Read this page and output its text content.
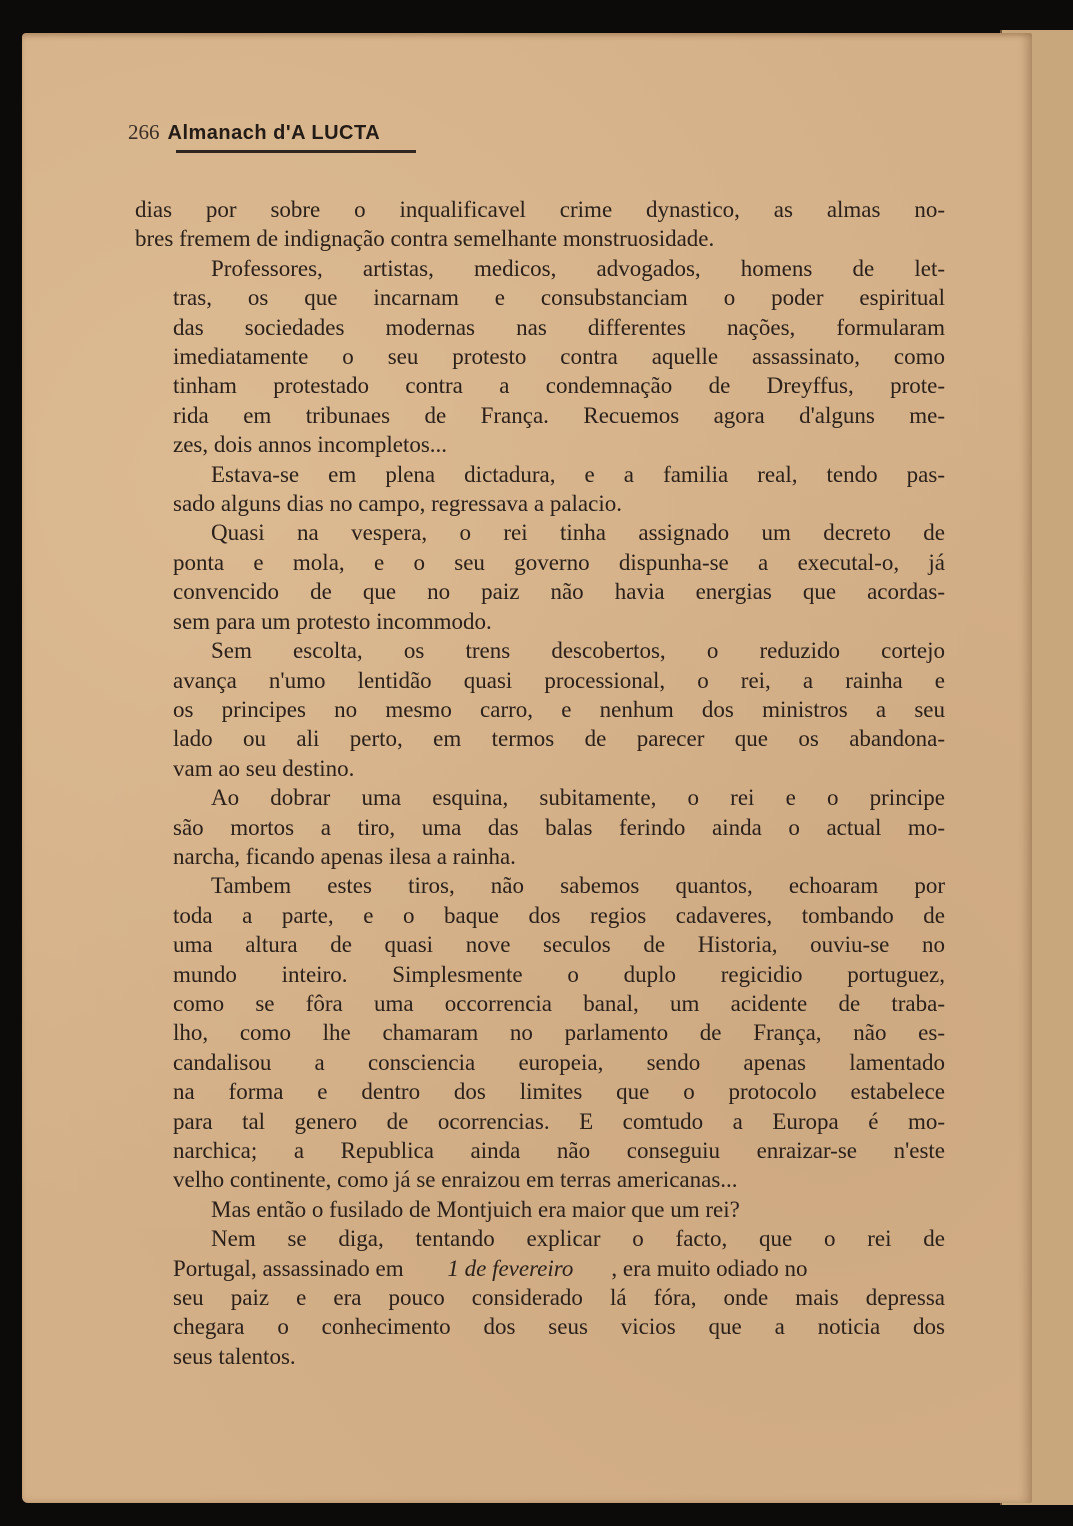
266 Almanach d'A LUCTA

dias por sobre o inqualificavel crime dynastico, as almas no-
bres fremem de indignação contra semelhante monstruosidade.

Professores, artistas, medicos, advogados, homens de let-
tras, os que incarnam e consubstanciam o poder espiritual
das sociedades modernas nas differentes nações, formularam
imediatamente o seu protesto contra aquelle assassinato, como
tinham protestado contra a condemnação de Dreyffus, prote-
rida em tribunaes de França. Recuemos agora d'alguns me-
zes, dois annos incompletos...

Estava-se em plena dictadura, e a familia real, tendo pas-
sado alguns dias no campo, regressava a palacio.

Quasi na vespera, o rei tinha assignado um decreto de
ponta e mola, e o seu governo dispunha-se a executal-o, já
convencido de que no paiz não havia energias que acordas-
sem para um protesto incommodo.

Sem escolta, os trens descobertos, o reduzido cortejo
avança n'umo lentidão quasi processional, o rei, a rainha e
os principes no mesmo carro, e nenhum dos ministros a seu
lado ou ali perto, em termos de parecer que os abandona-
vam ao seu destino.

Ao dobrar uma esquina, subitamente, o rei e o principe
são mortos a tiro, uma das balas ferindo ainda o actual mo-
narcha, ficando apenas ilesa a rainha.

Tambem estes tiros, não sabemos quantos, echoaram por
toda a parte, e o baque dos regios cadaveres, tombando de
uma altura de quasi nove seculos de Historia, ouviu-se no
mundo inteiro. Simplesmente o duplo regicidio portuguez,
como se fôra uma occorrencia banal, um acidente de traba-
lho, como lhe chamaram no parlamento de França, não es-
candalisou a consciencia europeia, sendo apenas lamentado
na forma e dentro dos limites que o protocolo estabelece
para tal genero de ocorrencias. E comtudo a Europa é mo-
narchica; a Republica ainda não conseguiu enraizar-se n'este
velho continente, como já se enraizou em terras americanas...

Mas então o fusilado de Montjuich era maior que um rei?

Nem se diga, tentando explicar o facto, que o rei de
Portugal, assassinado em	1 de fevereiro	, era muito odiado no
seu paiz e era pouco considerado lá fóra, onde mais depressa
chegara o conhecimento dos seus vicios que a noticia dos
seus talentos.
